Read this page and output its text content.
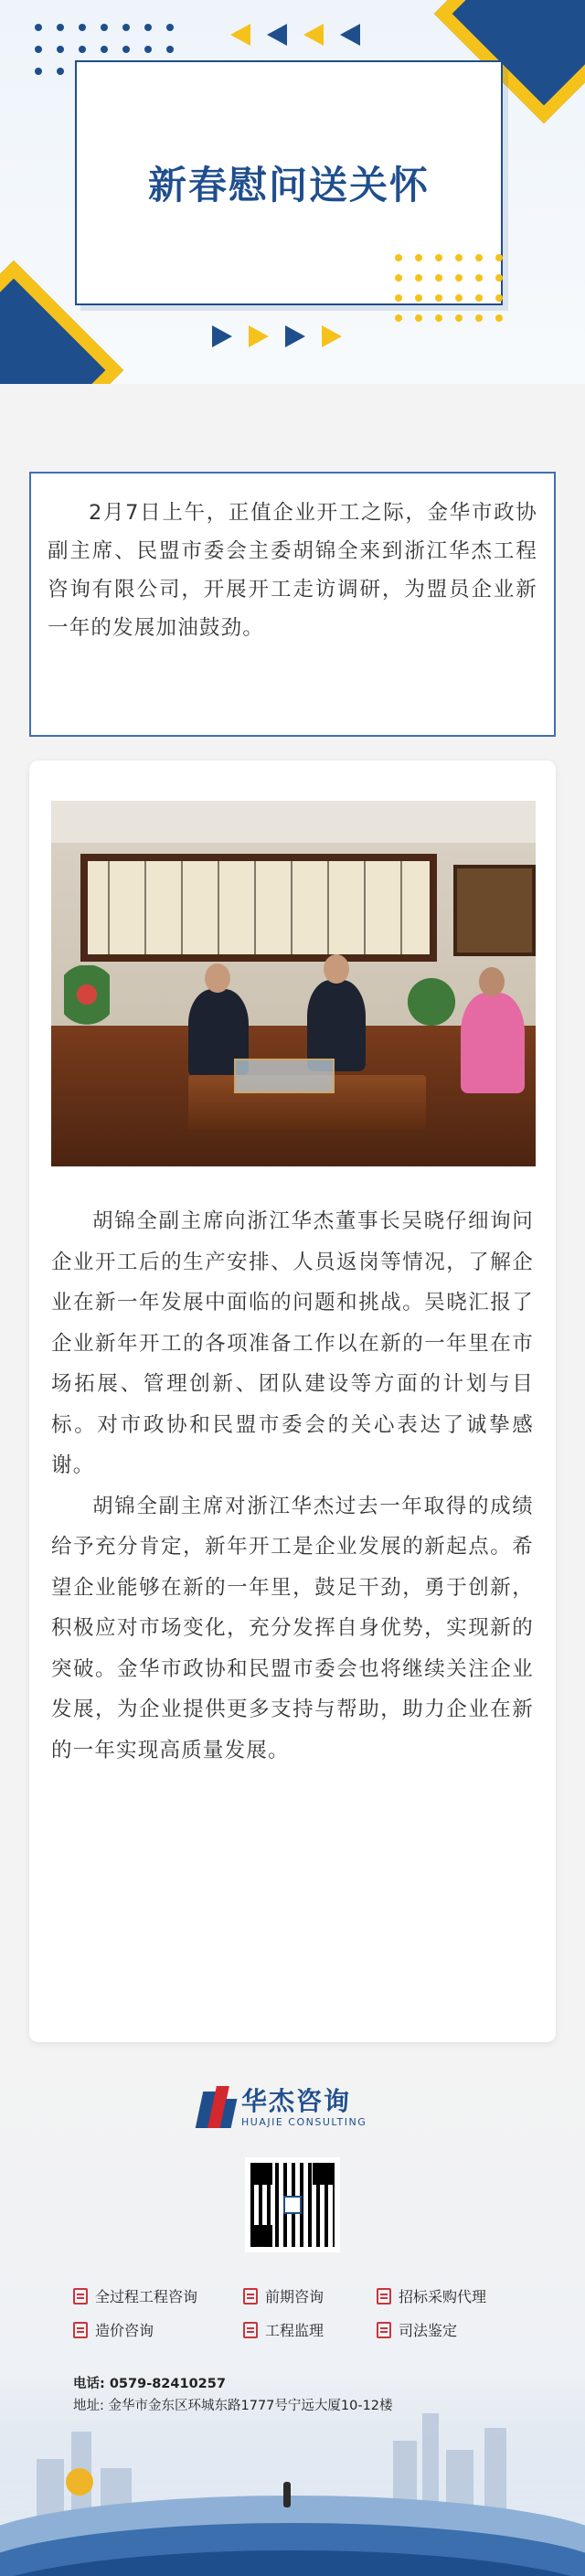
新春慰问送关怀

2月7日上午，正值企业开工之际，金华市政协副主席、民盟市委会主委胡锦全来到浙江华杰工程咨询有限公司，开展开工走访调研，为盟员企业新一年的发展加油鼓劲。

胡锦全副主席向浙江华杰董事长吴晓仔细询问企业开工后的生产安排、人员返岗等情况，了解企业在新一年发展中面临的问题和挑战。吴晓汇报了企业新年开工的各项准备工作以在新的一年里在市场拓展、管理创新、团队建设等方面的计划与目标。对市政协和民盟市委会的关心表达了诚挚感谢。

胡锦全副主席对浙江华杰过去一年取得的成绩给予充分肯定，新年开工是企业发展的新起点。希望企业能够在新的一年里，鼓足干劲，勇于创新，积极应对市场变化，充分发挥自身优势，实现新的突破。金华市政协和民盟市委会也将继续关注企业发展，为企业提供更多支持与帮助，助力企业在新的一年实现高质量发展。

华杰咨询
HUAJIE CONSULTING
全过程工程咨询	前期咨询	招标采购代理
造价咨询	工程监理	司法鉴定
电话: 0579-82410257
地址: 金华市金东区环城东路1777号宁远大厦10-12楼
